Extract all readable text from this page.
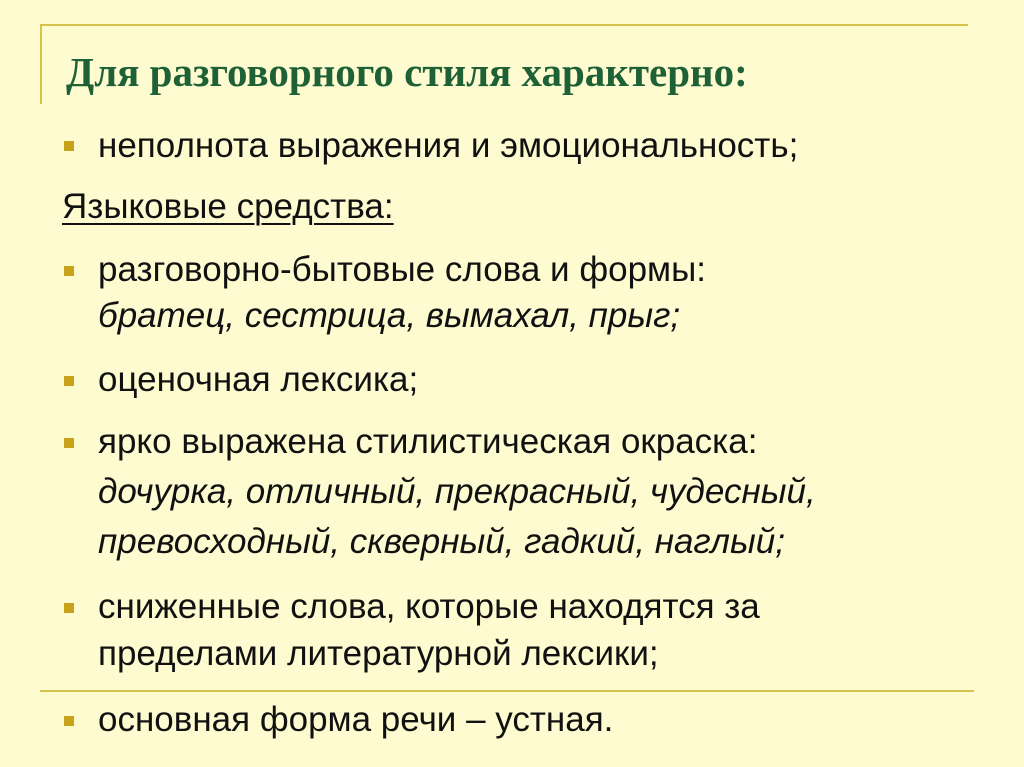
Для разговорного стиля характерно:
неполнота выражения и эмоциональность;
Языковые средства:
разговорно-бытовые слова и формы:
братец, сестрица, вымахал, прыг;
оценочная лексика;
ярко выражена стилистическая окраска:
дочурка, отличный, прекрасный, чудесный,
превосходный, скверный, гадкий, наглый;
сниженные слова, которые находятся за
пределами литературной лексики;
основная форма речи – устная.
